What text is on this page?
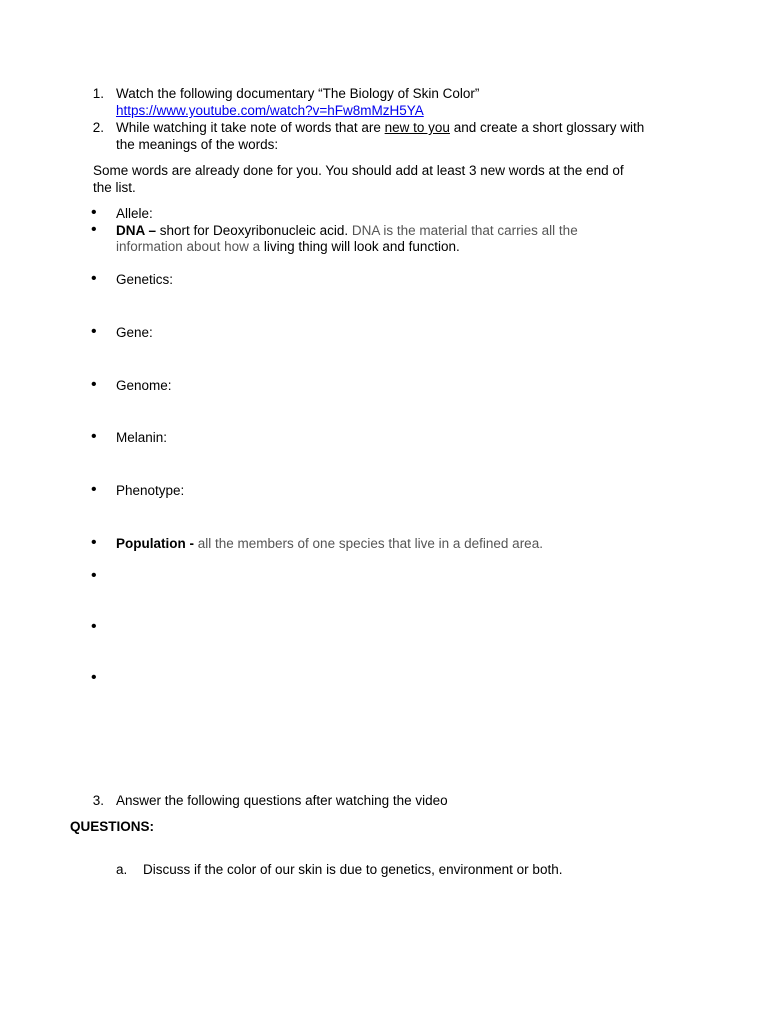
1. Watch the following documentary “The Biology of Skin Color”
https://www.youtube.com/watch?v=hFw8mMzH5YA
2. While watching it take note of words that are new to you and create a short glossary with
the meanings of the words:
Some words are already done for you. You should add at least 3 new words at the end of
the list.
• Allele:
• DNA – short for Deoxyribonucleic acid. DNA is the material that carries all the
information about how a living thing will look and function.
• Genetics:
• Gene:
• Genome:
• Melanin:
• Phenotype:
• Population - all the members of one species that live in a defined area.
•
•
•
3. Answer the following questions after watching the video
QUESTIONS:
a. Discuss if the color of our skin is due to genetics, environment or both.
